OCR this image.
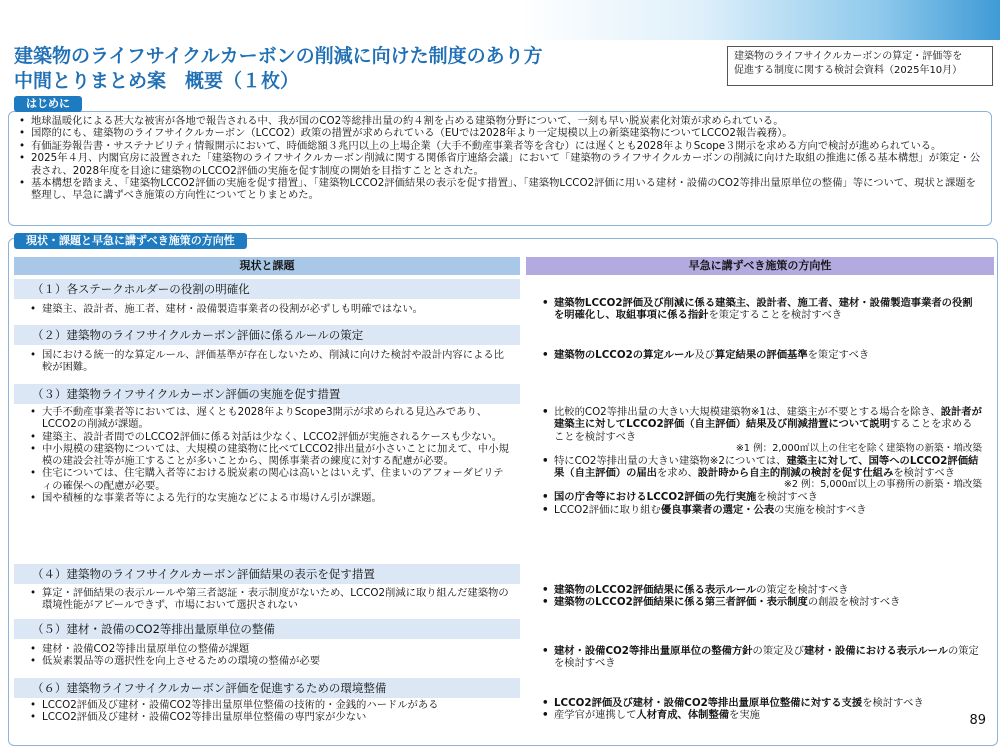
建築物のライフサイクルカーボンの削減に向けた制度のあり方
中間とりまとめ案　概要（１枚）
建築物のライフサイクルカーボンの算定・評価等を
促進する制度に関する検討会資料（2025年10月）
• 地球温暖化による甚大な被害が各地で報告される中、我が国のCO2等総排出量の約４割を占める建築物分野について、一刻も早い脱炭素化対策が求められている。
• 国際的にも、建築物のライフサイクルカーボン（LCCO2）政策の措置が求められている（EUでは2028年より一定規模以上の新築建築物についてLCCO2報告義務）。
• 有価証券報告書・サステナビリティ情報開示において、時価総額３兆円以上の上場企業（大手不動産事業者等を含む）には遅くとも2028年よりScope３開示を求める方向で検討が進められている。
• 2025年４月、内閣官房に設置された「建築物のライフサイクルカーボン削減に関する関係省庁連絡会議」において「建築物のライフサイクルカーボンの削減に向けた取組の推進に係る基本構想」が策定・公表され、2028年度を目途に建築物のLCCO2評価の実施を促す制度の開始を目指すこととされた。
• 基本構想を踏まえ、「建築物LCCO2評価の実施を促す措置」、「建築物LCCO2評価結果の表示を促す措置」、「建築物LCCO2評価に用いる建材・設備のCO2等排出量原単位の整備」等について、現状と課題を整理し、早急に講ずべき施策の方向性についてとりまとめた。
はじめに
現状・課題と早急に講ずべき施策の方向性
現状と課題	早急に講ずべき施策の方向性
（１）各ステークホルダーの役割の明確化
• 建築主、設計者、施工者、建材・設備製造事業者の役割が必ずしも明確ではない。
•	建築物LCCO2評価及び削減に係る建築主、設計者、施工者、建材・設備製造事業者の役割を明確化し、取組事項に係る指針を策定することを検討すべき
（２）建築物のライフサイクルカーボン評価に係るルールの策定
• 国における統一的な算定ルール、評価基準が存在しないため、削減に向けた検討や設計内容による比較が困難。
• 建築物のLCCO2の算定ルール及び算定結果の評価基準を策定すべき
（３）建築物ライフサイクルカーボン評価の実施を促す措置
• 大手不動産事業者等においては、遅くとも2028年よりScope3開示が求められる見込みであり、LCCO2の削減が課題。
• 建築主、設計者間でのLCCO2評価に係る対話は少なく、LCCO2評価が実施されるケースも少ない。
• 中小規模の建築物については、大規模の建築物に比べてLCCO2排出量が小さいことに加えて、中小規模の建設会社等が施工することが多いことから、関係事業者の練度に対する配慮が必要。
• 住宅については、住宅購入者等における脱炭素の関心は高いとはいえず、住まいのアフォーダビリティの確保への配慮が必要。
• 国や積極的な事業者等による先行的な実施などによる市場けん引が課題。
• 比較的CO2等排出量の大きい大規模建築物※1は、建築主が不要とする場合を除き、設計者が建築主に対してLCCO2評価（自主評価）結果及び削減措置について説明することを求めることを検討すべき
※1 例：2,000㎡以上の住宅を除く建築物の新築・増改築
• 特にCO2等排出量の大きい建築物※2については、建築主に対して、国等へのLCCO2評価結果（自主評価）の届出を求め、設計時から自主的削減の検討を促す仕組みを検討すべき
※2 例：5,000㎡以上の事務所の新築・増改築
• 国の庁舎等におけるLCCO2評価の先行実施を検討すべき
• LCCO2評価に取り組む優良事業者の選定・公表の実施を検討すべき
（４）建築物のライフサイクルカーボン評価結果の表示を促す措置
• 算定・評価結果の表示ルールや第三者認証・表示制度がないため、LCCO2削減に取り組んだ建築物の環境性能がアピールできず、市場において選択されない
• 建築物のLCCO2評価結果に係る表示ルールの策定を検討すべき
• 建築物のLCCO2評価結果に係る第三者評価・表示制度の創設を検討すべき
（５）建材・設備のCO2等排出量原単位の整備
• 建材・設備CO2等排出量原単位の整備が課題
• 低炭素製品等の選択性を向上させるための環境の整備が必要
• 建材・設備CO2等排出量原単位の整備方針の策定及び建材・設備における表示ルールの策定を検討すべき
（６）建築物ライフサイクルカーボン評価を促進するための環境整備
• LCCO2評価及び建材・設備CO2等排出量原単位整備の技術的・金銭的ハードルがある
• LCCO2評価及び建材・設備CO2等排出量原単位整備の専門家が少ない
• LCCO2評価及び建材・設備CO2等排出量原単位整備に対する支援を検討すべき
• 産学官が連携して人材育成、体制整備を実施	89
